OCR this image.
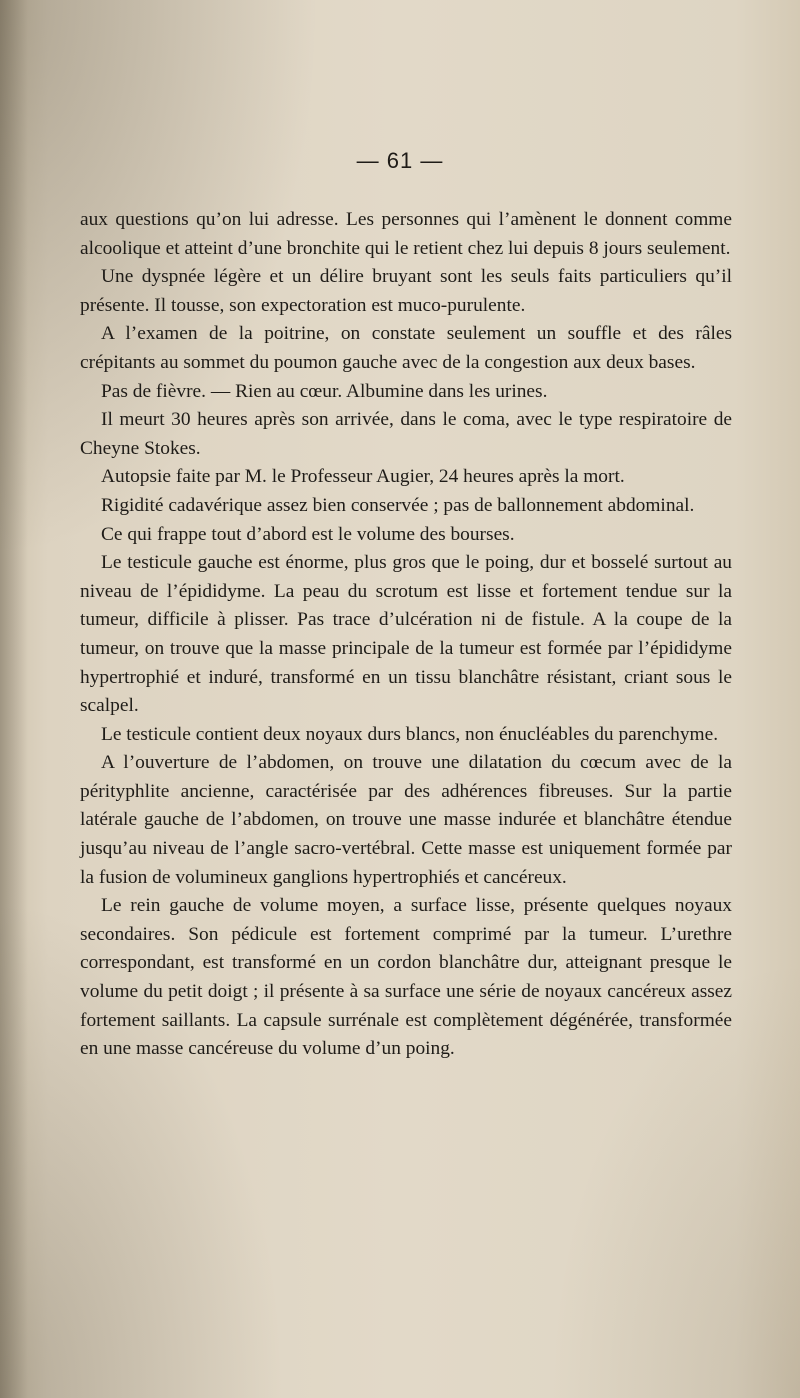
— 61 —

aux questions qu’on lui adresse. Les personnes qui l’amènent le donnent comme alcoolique et atteint d’une bronchite qui le retient chez lui depuis 8 jours seulement.

Une dyspnée légère et un délire bruyant sont les seuls faits particuliers qu’il présente. Il tousse, son expectoration est muco-purulente.

A l’examen de la poitrine, on constate seulement un souffle et des râles crépitants au sommet du poumon gauche avec de la congestion aux deux bases.

Pas de fièvre. — Rien au cœur. Albumine dans les urines.

Il meurt 30 heures après son arrivée, dans le coma, avec le type respiratoire de Cheyne Stokes.

Autopsie faite par M. le Professeur Augier, 24 heures après la mort.

Rigidité cadavérique assez bien conservée ; pas de ballonnement abdominal.

Ce qui frappe tout d’abord est le volume des bourses.

Le testicule gauche est énorme, plus gros que le poing, dur et bosselé surtout au niveau de l’épididyme. La peau du scrotum est lisse et fortement tendue sur la tumeur, difficile à plisser. Pas trace d’ulcération ni de fistule. A la coupe de la tumeur, on trouve que la masse principale de la tumeur est formée par l’épididyme hypertrophié et induré, transformé en un tissu blanchâtre résistant, criant sous le scalpel.

Le testicule contient deux noyaux durs blancs, non énucléables du parenchyme.

A l’ouverture de l’abdomen, on trouve une dilatation du cœcum avec de la pérityphlite ancienne, caractérisée par des adhérences fibreuses. Sur la partie latérale gauche de l’abdomen, on trouve une masse indurée et blanchâtre étendue jusqu’au niveau de l’angle sacro-vertébral. Cette masse est uniquement formée par la fusion de volumineux ganglions hypertrophiés et cancéreux.

Le rein gauche de volume moyen, a surface lisse, présente quelques noyaux secondaires. Son pédicule est fortement comprimé par la tumeur. L’urethre correspondant, est transformé en un cordon blanchâtre dur, atteignant presque le volume du petit doigt ; il présente à sa surface une série de noyaux cancéreux assez fortement saillants. La capsule surrénale est complètement dégénérée, transformée en une masse cancéreuse du volume d’un poing.
